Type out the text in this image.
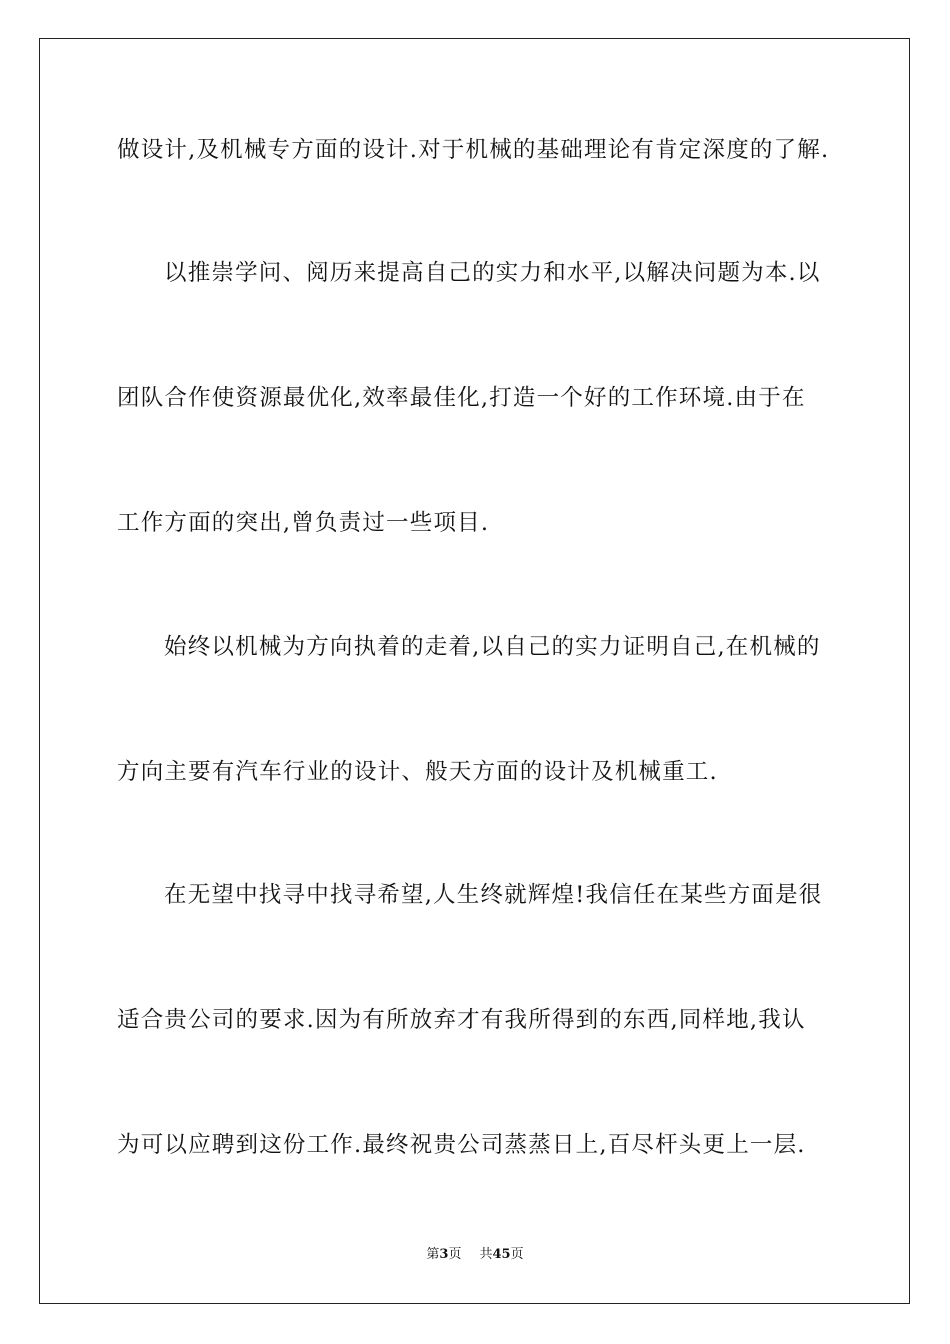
做设计,及机械专方面的设计.对于机械的基础理论有肯定深度的了解.
以推崇学问、阅历来提高自己的实力和水平,以解决问题为本.以
团队合作使资源最优化,效率最佳化,打造一个好的工作环境.由于在
工作方面的突出,曾负责过一些项目.
始终以机械为方向执着的走着,以自己的实力证明自己,在机械的
方向主要有汽车行业的设计、般天方面的设计及机械重工.
在无望中找寻中找寻希望,人生终就辉煌!我信任在某些方面是很
适合贵公司的要求.因为有所放弃才有我所得到的东西,同样地,我认
为可以应聘到这份工作.最终祝贵公司蒸蒸日上,百尽杆头更上一层.
第3页 共45页
